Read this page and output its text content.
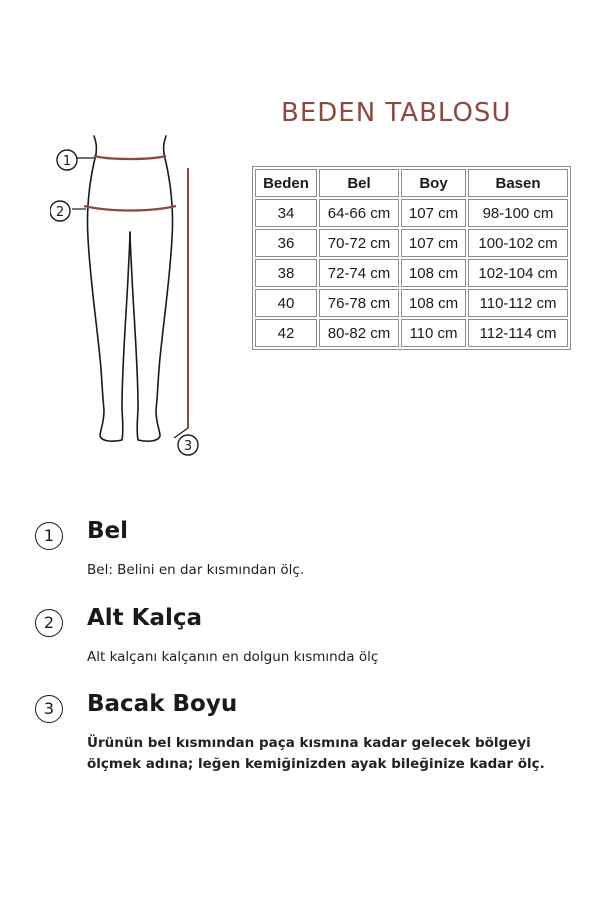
BEDEN TABLOSU
1
2
3
Beden	Bel	Boy	Basen
34	64-66 cm	107 cm	98-100 cm
36	70-72 cm	107 cm	100-102 cm
38	72-74 cm	108 cm	102-104 cm
40	76-78 cm	108 cm	110-112 cm
42	80-82 cm	110 cm	112-114 cm
1	Bel
Bel: Belini en dar kısmından ölç.
2	Alt Kalça
Alt kalçanı kalçanın en dolgun kısmında ölç
3	Bacak Boyu
Ürünün bel kısmından paça kısmına kadar gelecek bölgeyi ölçmek adına; leğen kemiğinizden ayak bileğinize kadar ölç.
